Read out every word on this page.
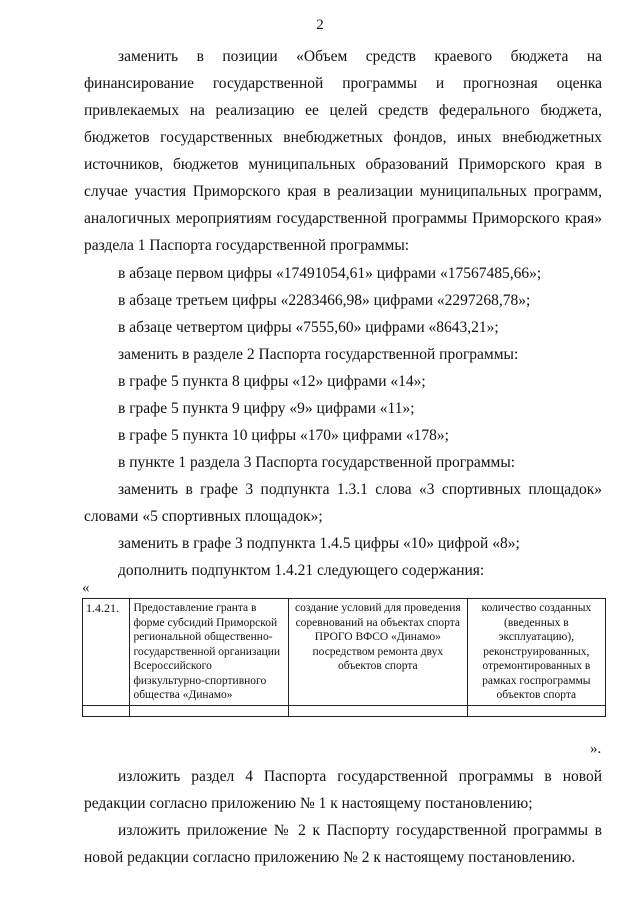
2
заменить в позиции «Объем средств краевого бюджета на
финансирование государственной программы и прогнозная оценка
привлекаемых на реализацию ее целей средств федерального бюджета,
бюджетов государственных внебюджетных фондов, иных внебюджетных
источников, бюджетов муниципальных образований Приморского края в
случае участия Приморского края в реализации муниципальных программ,
аналогичных мероприятиям государственной программы Приморского края»
раздела 1 Паспорта государственной программы:
в абзаце первом цифры «17491054,61» цифрами «17567485,66»;
в абзаце третьем цифры «2283466,98» цифрами «2297268,78»;
в абзаце четвертом цифры «7555,60» цифрами «8643,21»;
заменить в разделе 2 Паспорта государственной программы:
в графе 5 пункта 8 цифры «12» цифрами «14»;
в графе 5 пункта 9 цифру «9» цифрами «11»;
в графе 5 пункта 10 цифры «170» цифрами «178»;
в пункте 1 раздела 3 Паспорта государственной программы:
заменить в графе 3 подпункта 1.3.1 слова «3 спортивных площадок»
словами «5 спортивных площадок»;
заменить в графе 3 подпункта 1.4.5 цифры «10» цифрой «8»;
дополнить подпунктом 1.4.21 следующего содержания:
«
1.4.21.	Предоставление гранта в форме субсидий Приморской региональной общественно-государственной организации Всероссийского физкультурно-спортивного общества «Динамо»	создание условий для проведения соревнований на объектах спорта ПРОГО ВФСО «Динамо» посредством ремонта двух объектов спорта	количество созданных (введенных в эксплуатацию), реконструированных, отремонтированных в рамках госпрограммы объектов спорта

».
изложить раздел 4 Паспорта государственной программы в новой
редакции согласно приложению № 1 к настоящему постановлению;
изложить приложение № 2 к Паспорту государственной программы в
новой редакции согласно приложению № 2 к настоящему постановлению.
